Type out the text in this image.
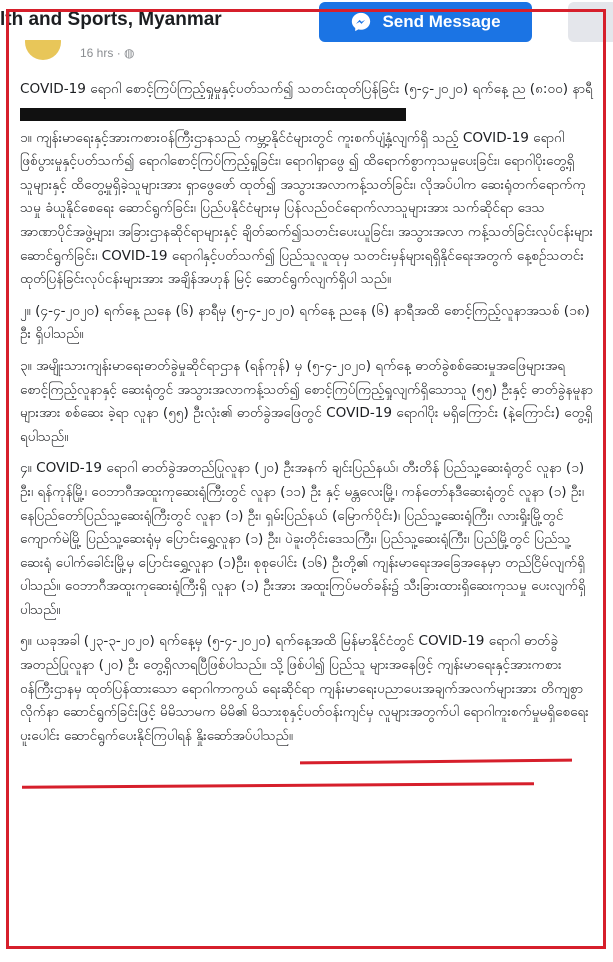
lth and Sports, Myanmar	Send Message
16 hrs · ◍

COVID-19 ရောဂါ စောင့်ကြပ်ကြည့်ရှုမှုနှင့်ပတ်သက်၍ သတင်းထုတ်ပြန်ခြင်း (၅-၄-၂၀၂၀) ရက်နေ့ ည (၈:၀၀) နာရီ

၁။ ကျန်းမာရေးနှင့်အားကစားဝန်ကြီးဌာနသည် ကမ္ဘာ့နိုင်ငံများတွင် ကူးစက်ပျံ့နှံ့လျက်ရှိ သည့် COVID-19 ရောဂါဖြစ်ပွားမှုနှင့်ပတ်သက်၍ ရောဂါစောင့်ကြပ်ကြည့်ရှုခြင်း၊ ရောဂါရှာဖွေ ၍ ထိရောက်စွာကုသမှုပေးခြင်း၊ ရောဂါပိုးတွေ့ရှိသူများနှင့် ထိတွေ့မှုရှိခဲ့သူများအား ရှာဖွေဖော် ထုတ်၍ အသွားအလာကန့်သတ်ခြင်း၊ လိုအပ်ပါက ဆေးရုံတက်ရောက်ကုသမှု ခံယူနိုင်စေရေး ဆောင်ရွက်ခြင်း၊ ပြည်ပနိုင်ငံများမှ ပြန်လည်ဝင်ရောက်လာသူများအား သက်ဆိုင်ရာ ဒေသ အာဏာပိုင်အဖွဲ့များ၊ အခြားဌာနဆိုင်ရာများနှင့် ချိတ်ဆက်၍သတင်းပေးယူခြင်း၊ အသွားအလာ ကန့်သတ်ခြင်းလုပ်ငန်းများ ဆောင်ရွက်ခြင်း၊ COVID-19 ရောဂါနှင့်ပတ်သက်၍ ပြည်သူလူထုမှ သတင်းမှန်များရရှိနိုင်ရေးအတွက် နေ့စဉ်သတင်းထုတ်ပြန်ခြင်းလုပ်ငန်းများအား အချိန်အဟုန် မြင့် ဆောင်ရွက်လျက်ရှိပါ သည်။

၂။ (၄-၄-၂၀၂၀) ရက်နေ့ ညနေ (၆) နာရီမှ (၅-၄-၂၀၂၀) ရက်နေ့ ညနေ (၆) နာရီအထိ စောင့်ကြည့်လူနာအသစ် (၁၈) ဦး ရှိပါသည်။

၃။ အမျိုးသားကျန်းမာရေးဓာတ်ခွဲမှုဆိုင်ရာဌာန (ရန်ကုန်) မှ (၅-၄-၂၀၂၀) ရက်နေ့ ဓာတ်ခွဲစစ်ဆေးမှုအဖြေများအရ စောင့်ကြည့်လူနာနှင့် ဆေးရုံတွင် အသွားအလာကန့်သတ်၍ စောင့်ကြပ်ကြည့်ရှုလျက်ရှိသောသူ (၅၅) ဦးနှင့် ဓာတ်ခွဲနမူနာများအား စစ်ဆေး ခဲ့ရာ လူနာ (၅၅) ဦးလုံး၏ ဓာတ်ခွဲအဖြေတွင် COVID-19 ရောဂါပိုး မရှိကြောင်း (နဲ့ကြောင်း) တွေ့ရှိရပါသည်။

၄။ COVID-19 ရောဂါ ဓာတ်ခွဲအတည်ပြုလူနာ (၂၀) ဦးအနက် ချင်းပြည်နယ်၊ တီးတိန် ပြည်သူ့ဆေးရုံတွင် လူနာ (၁) ဦး၊ ရန်ကုန်မြို့၊ ဝေဘာဂီအထူးကုဆေးရုံကြီးတွင် လူနာ (၁၁) ဦး နှင့် မန္တလေးမြို့၊ ကန်တော်နဒီဆေးရုံတွင် လူနာ (၁) ဦး၊ နေပြည်တော်ပြည်သူ့ဆေးရုံကြီးတွင် လူနာ (၁) ဦး၊ ရှမ်းပြည်နယ် (မြောက်ပိုင်း)၊ ပြည်သူ့ဆေးရုံကြီး၊ လားရှိုးမြို့တွင် ကျောက်မဲမြို့ ပြည်သူ့ဆေးရုံမှ ပြောင်းရွှေ့လူနာ (၁) ဦး၊ ပဲခူးတိုင်းဒေသကြီး၊ ပြည်သူ့ဆေးရုံကြီး၊ ပြည်မြို့တွင် ပြည်သူ့ဆေးရုံ ပေါက်ခေါင်းမြို့မှ ပြောင်းရွှေ့လူနာ (၁)ဦး၊ စုစုပေါင်း (၁၆) ဦးတို့၏ ကျန်းမာရေးအခြေအနေမှာ တည်ငြိမ်လျက်ရှိပါသည်။ ဝေဘာဂီအထူးကုဆေးရုံကြီးရှိ လူနာ (၁) ဦးအား အထူးကြပ်မတ်ခန်း၌ သီးခြားထားရှိဆေးကုသမှု ပေးလျက်ရှိပါသည်။

၅။ ယခုအခါ (၂၃-၃-၂၀၂၀) ရက်နေ့မှ (၅-၄-၂၀၂၀) ရက်နေ့အထိ မြန်မာနိုင်ငံတွင် COVID-19 ရောဂါ ဓာတ်ခွဲအတည်ပြုလူနာ (၂၀) ဦး တွေ့ရှိလာရပြီဖြစ်ပါသည်။ သို့ဖြစ်ပါ၍ ပြည်သူ များအနေဖြင့် ကျန်းမာရေးနှင့်အားကစားဝန်ကြီးဌာနမှ ထုတ်ပြန်ထားသော ရောဂါကာကွယ် ရေးဆိုင်ရာ ကျန်းမာရေးပညာပေးအချက်အလက်များအား တိကျစွာလိုက်နာ ဆောင်ရွက်ခြင်းဖြင့် မိမိသာမက မိမိ၏ မိသားစုနှင့်ပတ်ဝန်းကျင်မှ လူများအတွက်ပါ ရောဂါကူးစက်မှုမရှိစေရေး ပူးပေါင်း ဆောင်ရွက်ပေးနိုင်ကြပါရန် နှိုးဆော်အပ်ပါသည်။
